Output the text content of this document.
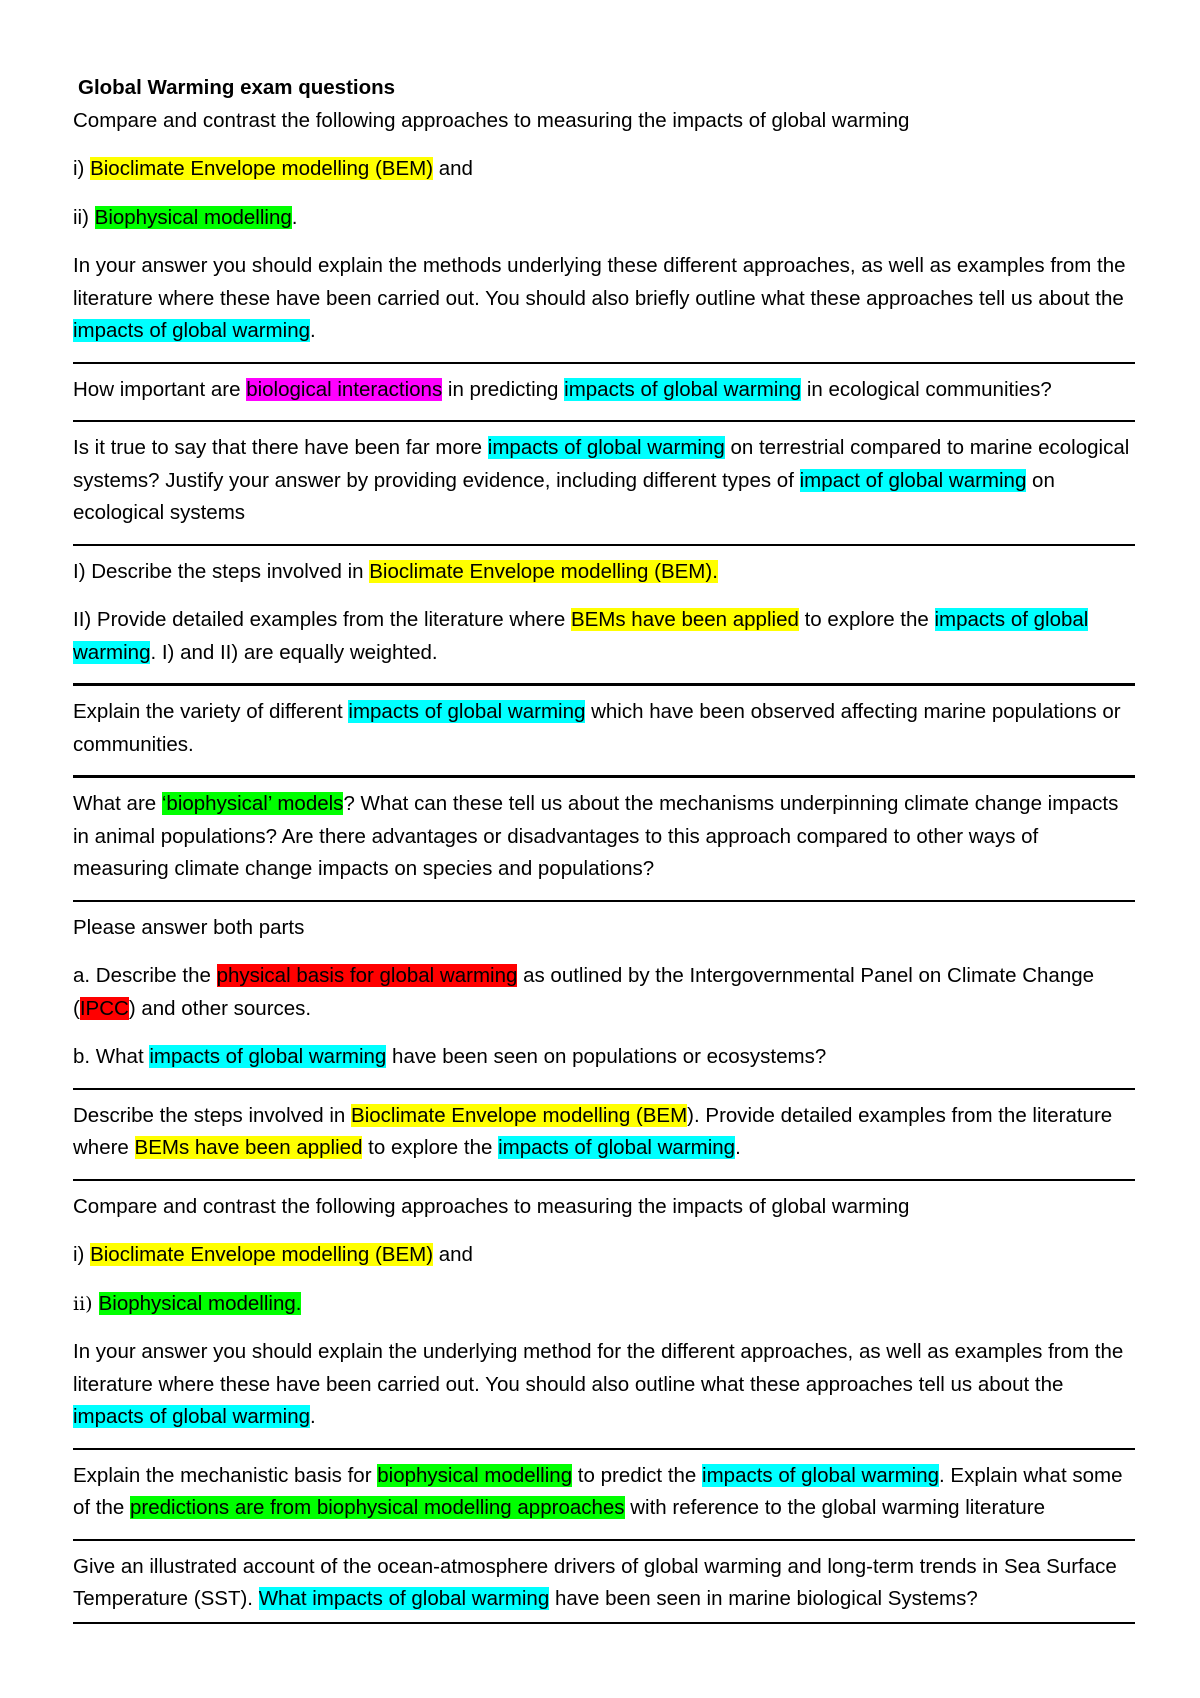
Global Warming exam questions
Compare and contrast the following approaches to measuring the impacts of global warming
i) Bioclimate Envelope modelling (BEM) and
ii) Biophysical modelling.
In your answer you should explain the methods underlying these different approaches, as well as examples from the literature where these have been carried out. You should also briefly outline what these approaches tell us about the impacts of global warming.
How important are biological interactions in predicting impacts of global warming in ecological communities?
Is it true to say that there have been far more impacts of global warming on terrestrial compared to marine ecological systems? Justify your answer by providing evidence, including different types of impact of global warming on ecological systems
I) Describe the steps involved in Bioclimate Envelope modelling (BEM).
II) Provide detailed examples from the literature where BEMs have been applied to explore the impacts of global warming. I) and II) are equally weighted.
Explain the variety of different impacts of global warming which have been observed affecting marine populations or communities.
What are ‘biophysical’ models? What can these tell us about the mechanisms underpinning climate change impacts in animal populations? Are there advantages or disadvantages to this approach compared to other ways of measuring climate change impacts on species and populations?
Please answer both parts
a. Describe the physical basis for global warming as outlined by the Intergovernmental Panel on Climate Change (IPCC) and other sources.
b. What impacts of global warming have been seen on populations or ecosystems?
Describe the steps involved in Bioclimate Envelope modelling (BEM). Provide detailed examples from the literature where BEMs have been applied to explore the impacts of global warming.
Compare and contrast the following approaches to measuring the impacts of global warming
i) Bioclimate Envelope modelling (BEM) and
ii) Biophysical modelling.
In your answer you should explain the underlying method for the different approaches, as well as examples from the literature where these have been carried out. You should also outline what these approaches tell us about the impacts of global warming.
Explain the mechanistic basis for biophysical modelling to predict the impacts of global warming. Explain what some of the predictions are from biophysical modelling approaches with reference to the global warming literature
Give an illustrated account of the ocean-atmosphere drivers of global warming and long-term trends in Sea Surface Temperature (SST). What impacts of global warming have been seen in marine biological Systems?
